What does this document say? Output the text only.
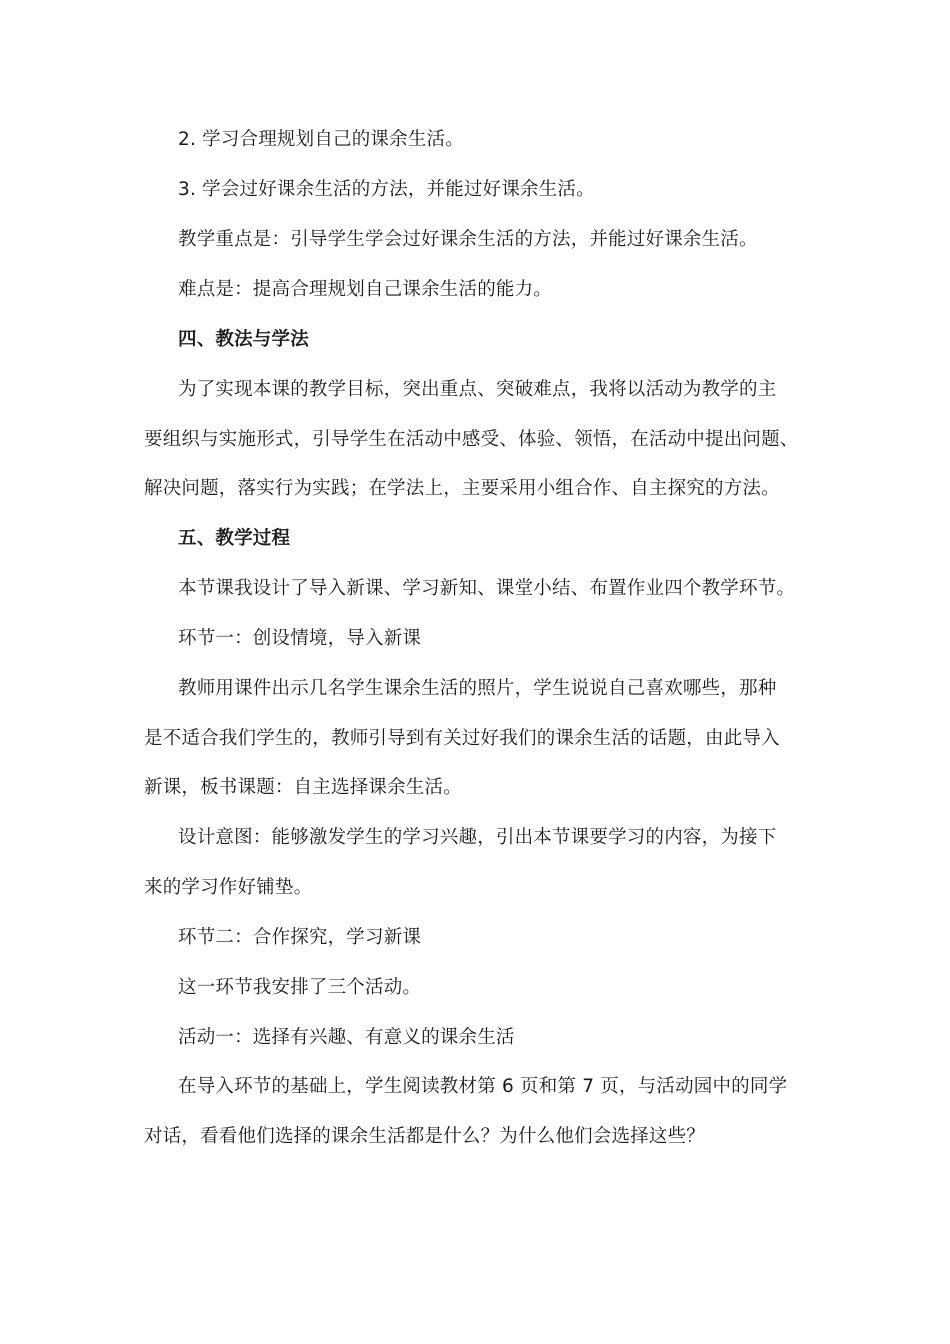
2. 学习合理规划自己的课余生活。
3. 学会过好课余生活的方法，并能过好课余生活。
教学重点是：引导学生学会过好课余生活的方法，并能过好课余生活。
难点是：提高合理规划自己课余生活的能力。
四、教法与学法
为了实现本课的教学目标，突出重点、突破难点，我将以活动为教学的主
要组织与实施形式，引导学生在活动中感受、体验、领悟，在活动中提出问题、
解决问题，落实行为实践；在学法上，主要采用小组合作、自主探究的方法。
五、教学过程
本节课我设计了导入新课、学习新知、课堂小结、布置作业四个教学环节。
环节一：创设情境，导入新课
教师用课件出示几名学生课余生活的照片，学生说说自己喜欢哪些，那种
是不适合我们学生的，教师引导到有关过好我们的课余生活的话题，由此导入
新课，板书课题：自主选择课余生活。
设计意图：能够激发学生的学习兴趣，引出本节课要学习的内容，为接下
来的学习作好铺垫。
环节二：合作探究，学习新课
这一环节我安排了三个活动。
活动一：选择有兴趣、有意义的课余生活
在导入环节的基础上，学生阅读教材第 6 页和第 7 页，与活动园中的同学
对话，看看他们选择的课余生活都是什么？为什么他们会选择这些？
